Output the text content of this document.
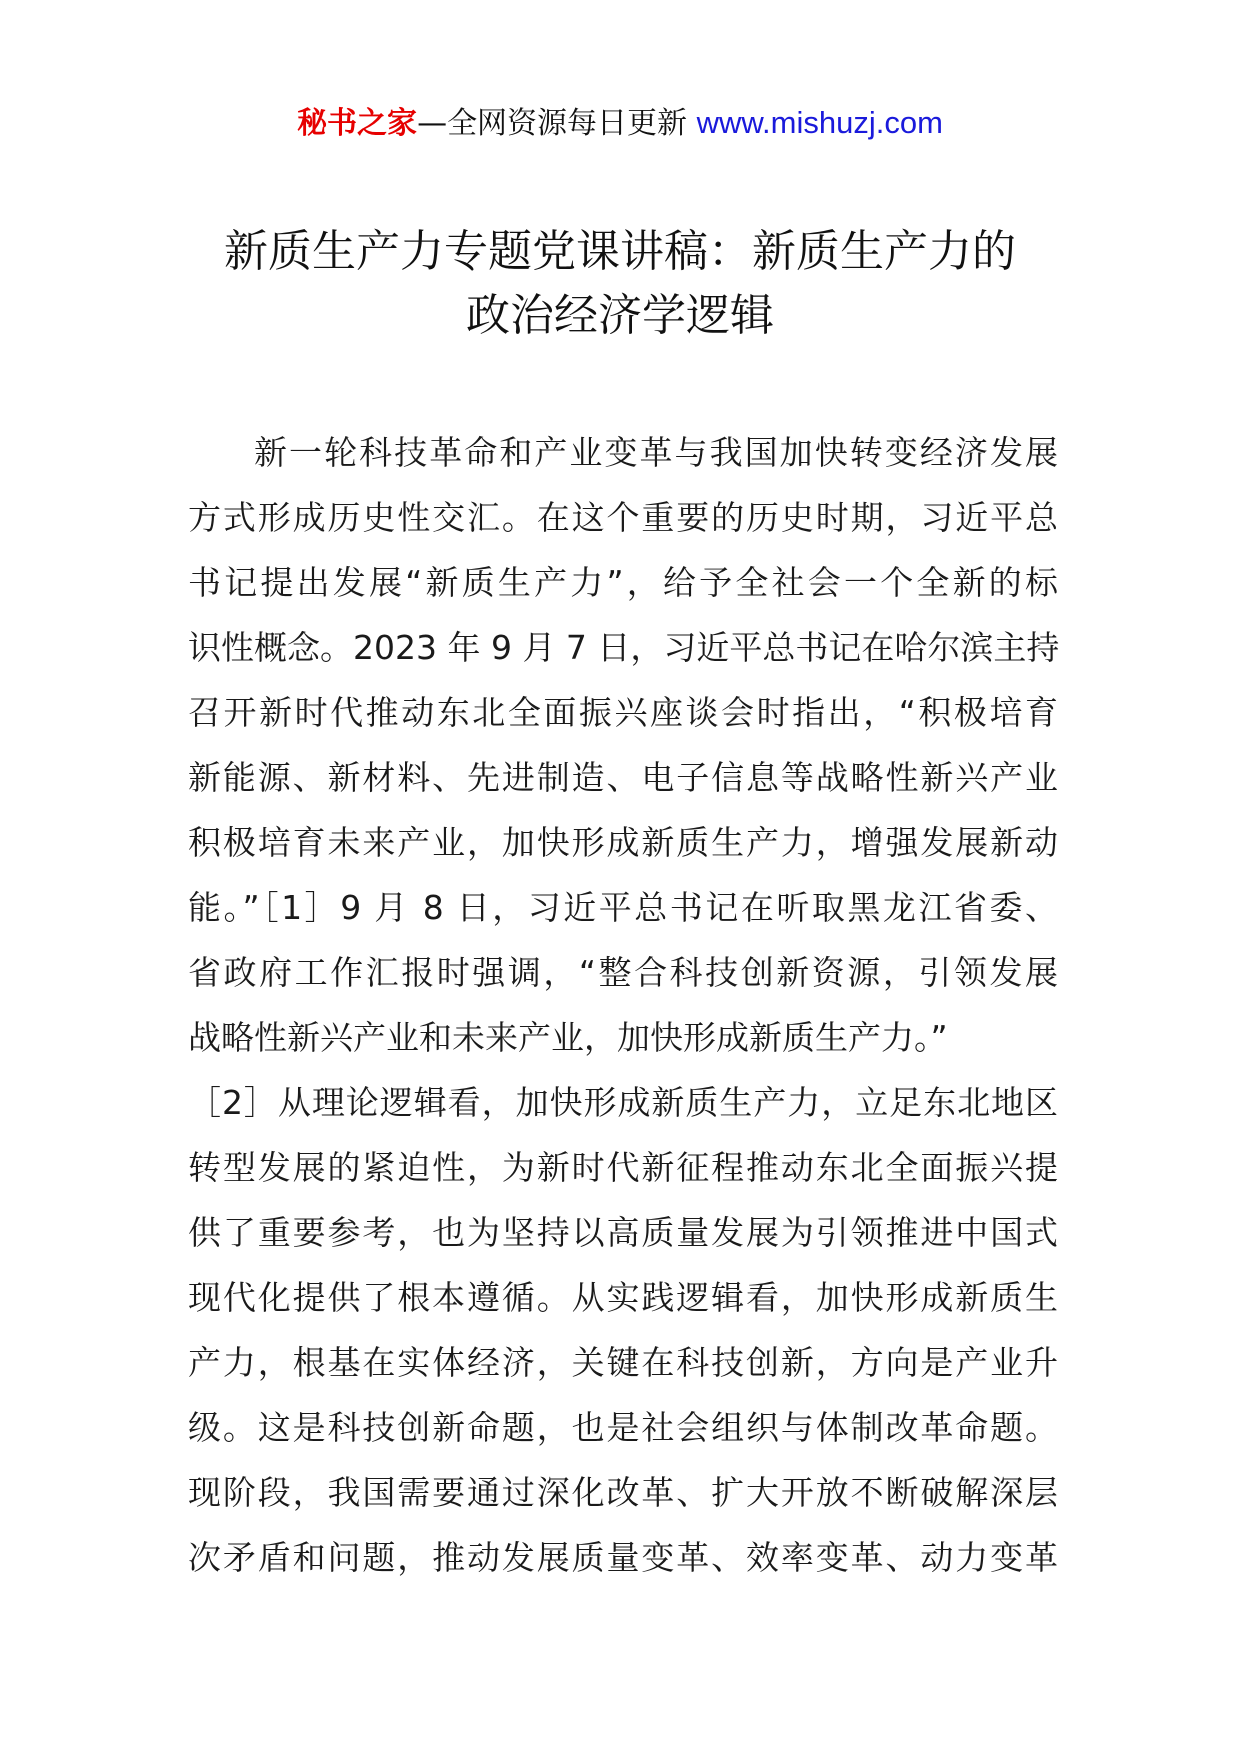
秘书之家—全网资源每日更新 www.mishuzj.com
新质生产力专题党课讲稿：新质生产力的
政治经济学逻辑
新一轮科技革命和产业变革与我国加快转变经济发展
方式形成历史性交汇。在这个重要的历史时期，习近平总
书记提出发展“新质生产力”，给予全社会一个全新的标
识性概念。2023 年 9 月 7 日，习近平总书记在哈尔滨主持
召开新时代推动东北全面振兴座谈会时指出，“积极培育
新能源、新材料、先进制造、电子信息等战略性新兴产业
积极培育未来产业，加快形成新质生产力，增强发展新动
能。”［1］9 月 8 日，习近平总书记在听取黑龙江省委、
省政府工作汇报时强调，“整合科技创新资源，引领发展
战略性新兴产业和未来产业，加快形成新质生产力。”
［2］从理论逻辑看，加快形成新质生产力，立足东北地区
转型发展的紧迫性，为新时代新征程推动东北全面振兴提
供了重要参考，也为坚持以高质量发展为引领推进中国式
现代化提供了根本遵循。从实践逻辑看，加快形成新质生
产力，根基在实体经济，关键在科技创新，方向是产业升
级。这是科技创新命题，也是社会组织与体制改革命题。
现阶段，我国需要通过深化改革、扩大开放不断破解深层
次矛盾和问题，推动发展质量变革、效率变革、动力变革
